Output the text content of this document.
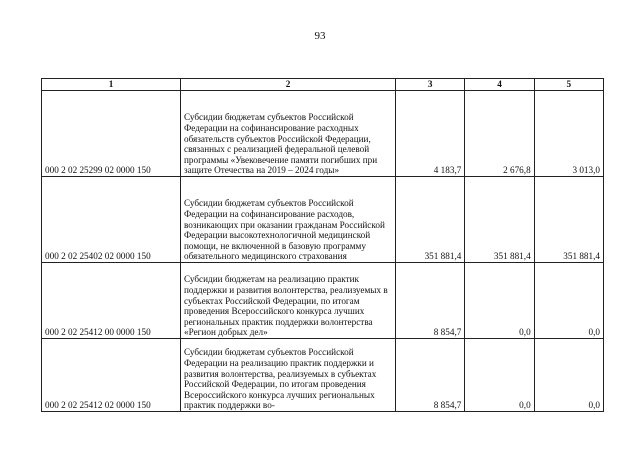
93
1	2	3	4	5
000 2 02 25299 02 0000 150	Субсидии бюджетам субъектов Российской Федерации на софинансирование расходных обязательств субъектов Российской Федерации, связанных с реализацией федеральной целевой программы «Увековечение памяти погибших при защите Отечества на 2019 – 2024 годы»	4 183,7	2 676,8	3 013,0
000 2 02 25402 02 0000 150	Субсидии бюджетам субъектов Российской Федерации на софинансирование расходов, возникающих при оказании гражданам Российской Федерации высокотехнологичной медицинской помощи, не включенной в базовую программу обязательного медицинского страхования	351 881,4	351 881,4	351 881,4
000 2 02 25412 00 0000 150	Субсидии бюджетам на реализацию практик поддержки и развития волонтерства, реализуемых в субъектах Российской Федерации, по итогам проведения Всероссийского конкурса лучших региональных практик поддержки волонтерства «Регион добрых дел»	8 854,7	0,0	0,0
000 2 02 25412 02 0000 150	Субсидии бюджетам субъектов Российской Федерации на реализацию практик поддержки и развития волонтерства, реализуемых в субъектах Российской Федерации, по итогам проведения Всероссийского конкурса лучших региональных практик поддержки во-	8 854,7	0,0	0,0
